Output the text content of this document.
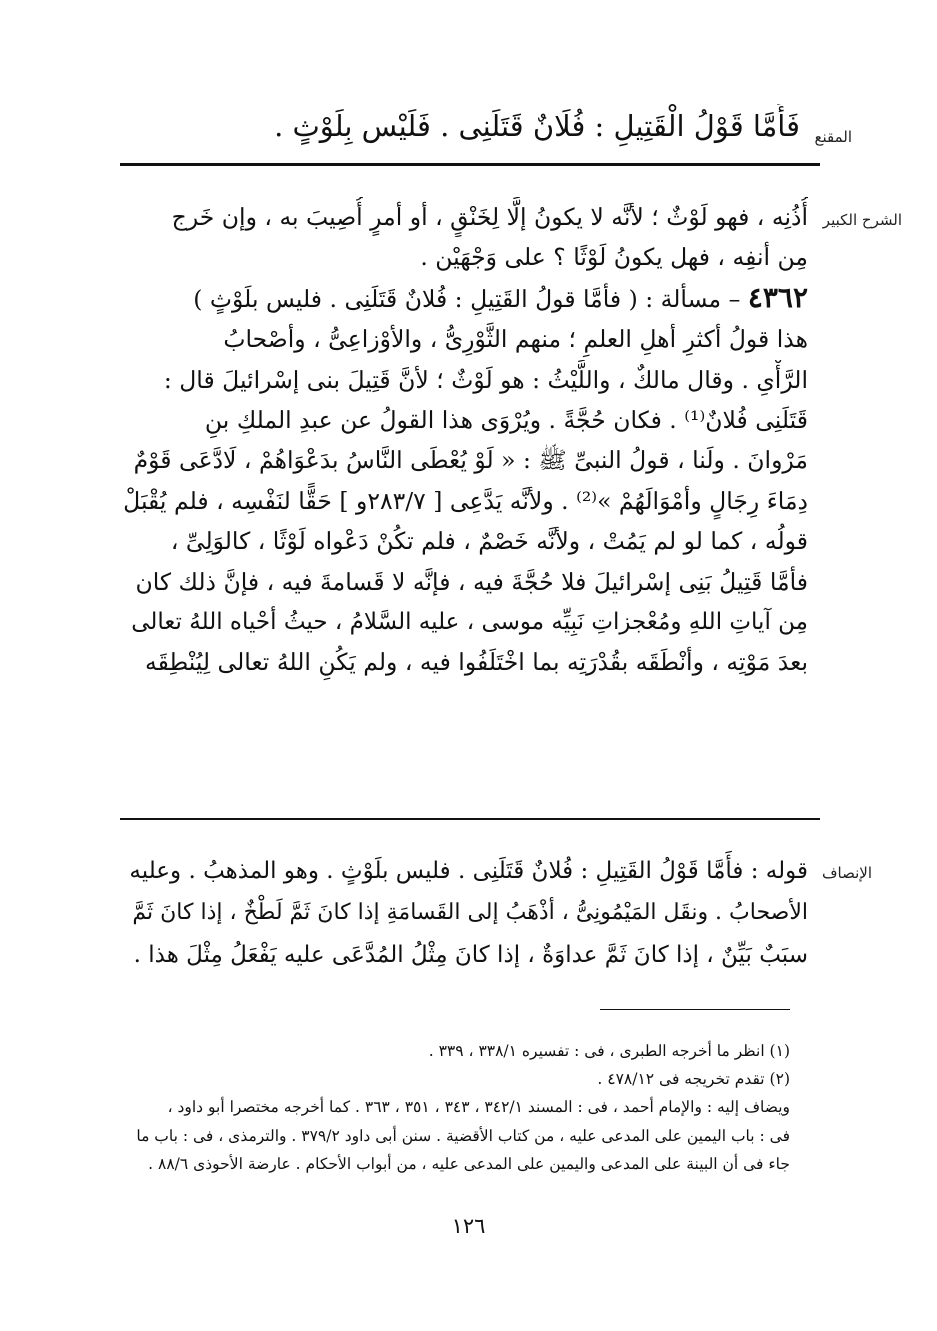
المقنع
فَأَمَّا قَوْلُ الْقَتِيلِ : فُلَانٌ قَتَلَنِى . فَلَيْس بِلَوْثٍ .
الشرح الكبير
أُذُنِه ، فهو لَوْثٌ ؛ لأنَّه لا يكونُ إلَّا لِخَنْقٍ ، أو أمرٍ أُصِيبَ به ، وإن خَرج
مِن أنفِه ، فهل يكونُ لَوْثًا ؟ على وَجْهَيْن .
٤٣٦٢ – مسألة : ( فأمَّا قولُ القَتِيلِ : فُلانٌ قَتَلَنِى . فليس بلَوْثٍ )
هذا قولُ أكثرِ أهلِ العلمِ ؛ منهم الثَّوْرِىُّ ، والأوْزاعِىُّ ، وأصْحابُ
الرَّأْىِ . وقال مالكٌ ، واللَّيْثُ : هو لَوْثٌ ؛ لأنَّ قَتِيلَ بنى إسْرائيلَ قال :
قَتَلَنِى فُلانٌ⁽¹⁾ . فكان حُجَّةً . ويُرْوَى هذا القولُ عن عبدِ الملكِ بنِ
مَرْوانَ . ولَنا ، قولُ النبىِّ ﷺ : « لَوْ يُعْطَى النَّاسُ بدَعْوَاهُمْ ، لَادَّعَى قَوْمٌ
دِمَاءَ رِجَالٍ وأمْوَالَهُمْ »⁽²⁾ . ولأنَّه يَدَّعِى [ ٢٨٣/٧و ] حَقًّا لنَفْسِه ، فلم يُقْبَلْ
قولُه ، كما لو لم يَمُتْ ، ولأنَّه خَصْمٌ ، فلم تكُنْ دَعْواه لَوْثًا ، كالوَلِىِّ ،
فأمَّا قَتِيلُ بَنِى إسْرائيلَ فلا حُجَّةَ فيه ، فإنَّه لا قَسامةَ فيه ، فإنَّ ذلك كان
مِن آياتِ اللهِ ومُعْجزاتِ نَبِيِّه موسى ، عليه السَّلامُ ، حيثُ أحْياه اللهُ تعالى
بعدَ مَوْتِه ، وأنْطَقَه بقُدْرَتِه بما اخْتَلَفُوا فيه ، ولم يَكُنِ اللهُ تعالى لِيُنْطِقَه
الإنصاف
قوله : فأَمَّا قَوْلُ القَتِيلِ : فُلانٌ قَتَلَنِى . فليس بلَوْثٍ . وهو المذهبُ . وعليه
الأصحابُ . ونقَل المَيْمُونِىُّ ، أذْهَبُ إلى القَسامَةِ إذا كانَ ثَمَّ لَطْخٌ ، إذا كانَ ثَمَّ
سبَبٌ بَيِّنٌ ، إذا كانَ ثَمَّ عداوَةٌ ، إذا كانَ مِثْلُ المُدَّعَى عليه يَفْعَلُ مِثْلَ هذا .
(١) انظر ما أخرجه الطبرى ، فى : تفسيره ٣٣٨/١ ، ٣٣٩ .
(٢) تقدم تخريجه فى ٤٧٨/١٢ .
ويضاف إليه : والإمام أحمد ، فى : المسند ٣٤٢/١ ، ٣٤٣ ، ٣٥١ ، ٣٦٣ . كما أخرجه مختصرا أبو داود ،
فى : باب اليمين على المدعى عليه ، من كتاب الأقضية . سنن أبى داود ٣٧٩/٢ . والترمذى ، فى : باب ما
جاء فى أن البينة على المدعى واليمين على المدعى عليه ، من أبواب الأحكام . عارضة الأحوذى ٨٨/٦ .
١٢٦
